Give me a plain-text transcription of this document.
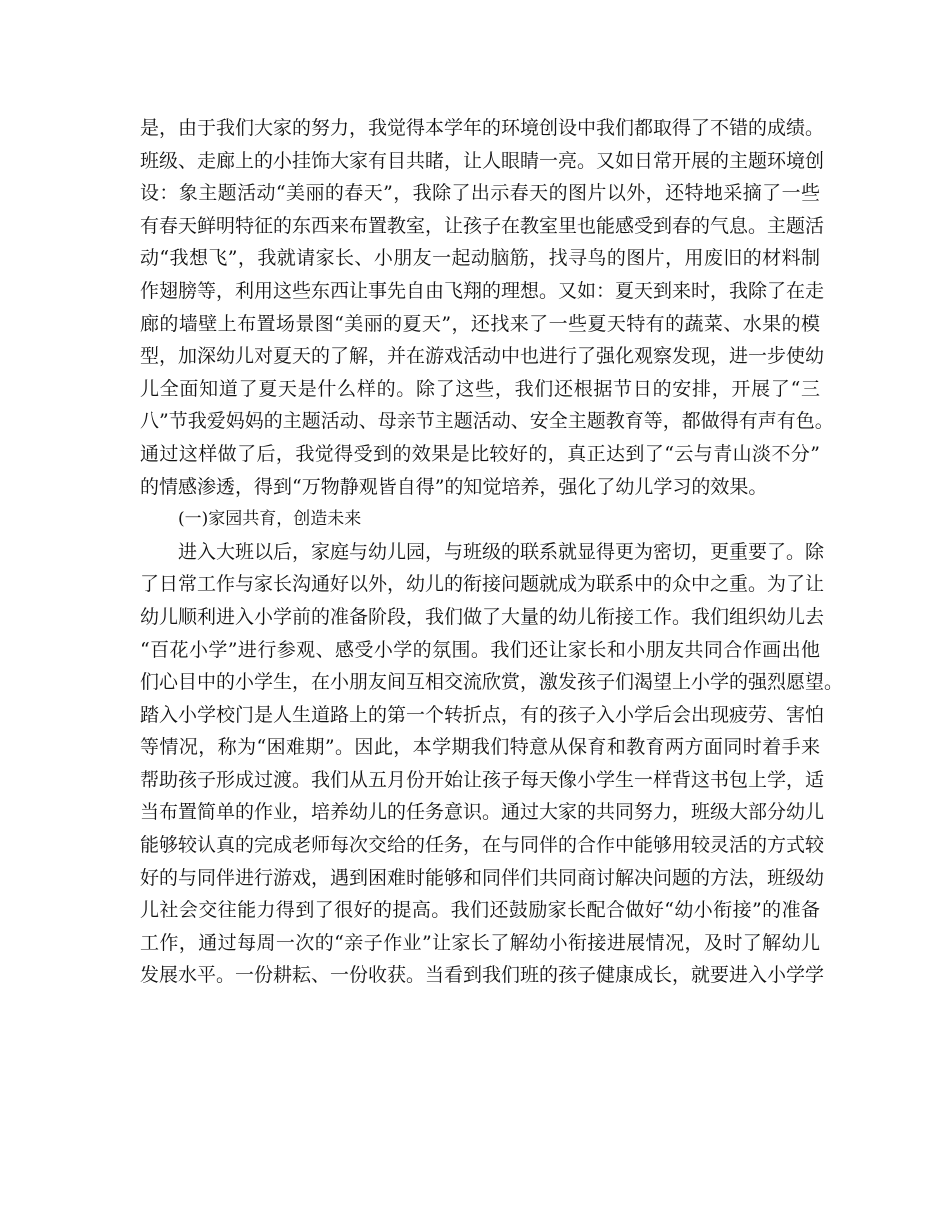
是，由于我们大家的努力，我觉得本学年的环境创设中我们都取得了不错的成绩。
班级、走廊上的小挂饰大家有目共睹，让人眼睛一亮。又如日常开展的主题环境创
设：象主题活动“美丽的春天”，我除了出示春天的图片以外，还特地采摘了一些
有春天鲜明特征的东西来布置教室，让孩子在教室里也能感受到春的气息。主题活
动“我想飞”，我就请家长、小朋友一起动脑筋，找寻鸟的图片，用废旧的材料制
作翅膀等，利用这些东西让事先自由飞翔的理想。又如：夏天到来时，我除了在走
廊的墙壁上布置场景图“美丽的夏天”，还找来了一些夏天特有的蔬菜、水果的模
型，加深幼儿对夏天的了解，并在游戏活动中也进行了强化观察发现，进一步使幼
儿全面知道了夏天是什么样的。除了这些，我们还根据节日的安排，开展了“三
八”节我爱妈妈的主题活动、母亲节主题活动、安全主题教育等，都做得有声有色。
通过这样做了后，我觉得受到的效果是比较好的，真正达到了“云与青山淡不分”
的情感渗透，得到“万物静观皆自得”的知觉培养，强化了幼儿学习的效果。
(一)家园共育，创造未来
进入大班以后，家庭与幼儿园，与班级的联系就显得更为密切，更重要了。除
了日常工作与家长沟通好以外，幼儿的衔接问题就成为联系中的众中之重。为了让
幼儿顺利进入小学前的准备阶段，我们做了大量的幼儿衔接工作。我们组织幼儿去
“百花小学”进行参观、感受小学的氛围。我们还让家长和小朋友共同合作画出他
们心目中的小学生，在小朋友间互相交流欣赏，激发孩子们渴望上小学的强烈愿望。
踏入小学校门是人生道路上的第一个转折点，有的孩子入小学后会出现疲劳、害怕
等情况，称为“困难期”。因此，本学期我们特意从保育和教育两方面同时着手来
帮助孩子形成过渡。我们从五月份开始让孩子每天像小学生一样背这书包上学，适
当布置简单的作业，培养幼儿的任务意识。通过大家的共同努力，班级大部分幼儿
能够较认真的完成老师每次交给的任务，在与同伴的合作中能够用较灵活的方式较
好的与同伴进行游戏，遇到困难时能够和同伴们共同商讨解决问题的方法，班级幼
儿社会交往能力得到了很好的提高。我们还鼓励家长配合做好“幼小衔接”的准备
工作，通过每周一次的“亲子作业”让家长了解幼小衔接进展情况，及时了解幼儿
发展水平。一份耕耘、一份收获。当看到我们班的孩子健康成长，就要进入小学学
